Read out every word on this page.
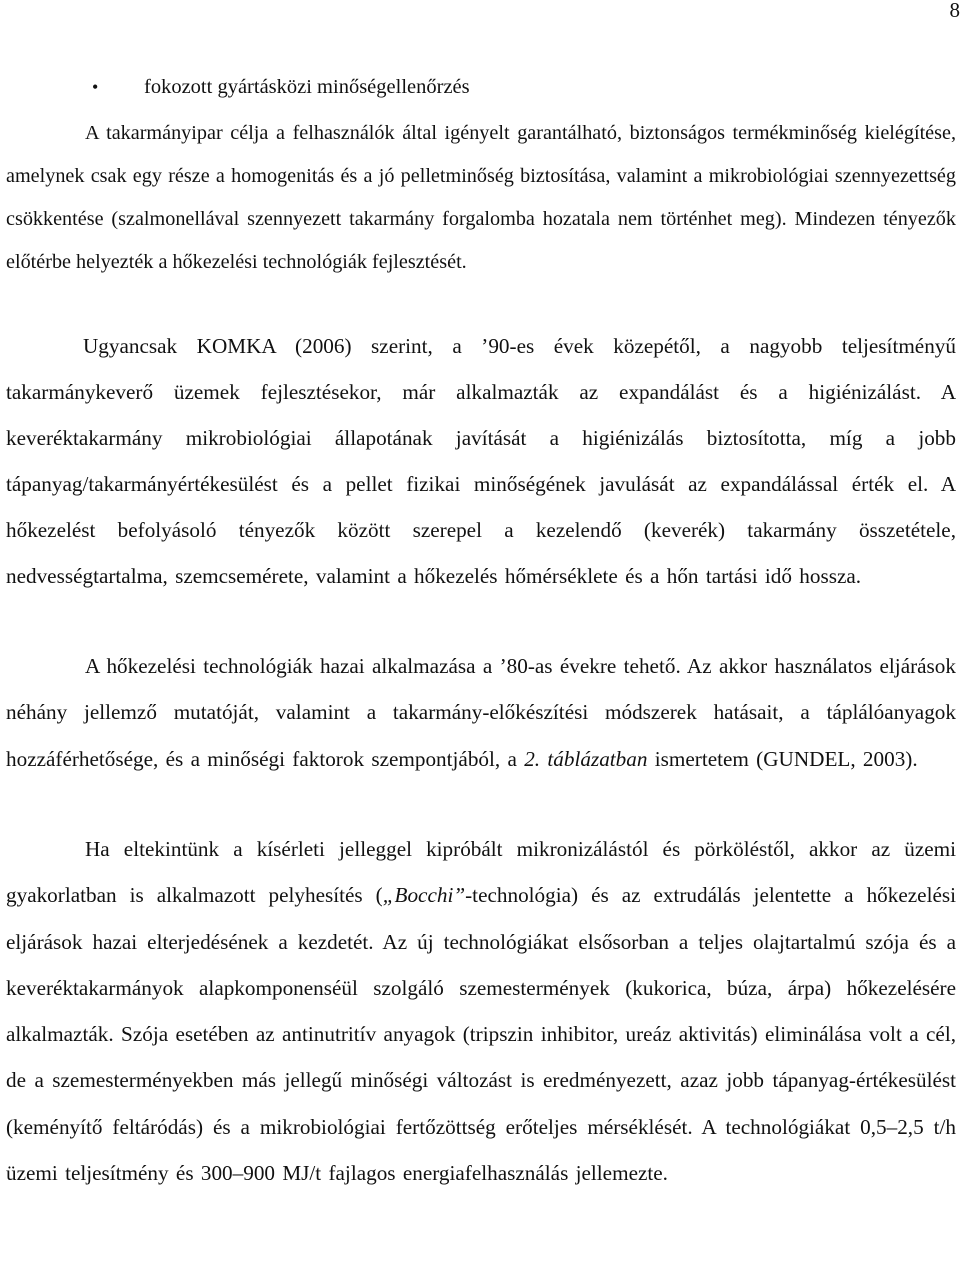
8
•	fokozott gyártásközi minőségellenőrzés

A takarmányipar célja a felhasználók által igényelt garantálható, biztonságos termékminőség kielégítése, amelynek csak egy része a homogenitás és a jó pelletminőség biztosítása, valamint a mikrobiológiai szennyezettség csökkentése (szalmonellával szennyezett takarmány forgalomba hozatala nem történhet meg). Mindezen tényezők előtérbe helyezték a hőkezelési technológiák fejlesztését.

Ugyancsak KOMKA (2006) szerint, a ’90-es évek közepétől, a nagyobb teljesítményű takarmánykeverő üzemek fejlesztésekor, már alkalmazták az expandálást és a higiénizálást. A keveréktakarmány mikrobiológiai állapotának javítását a higiénizálás biztosította, míg a jobb tápanyag/takarmányértékesülést és a pellet fizikai minőségének javulását az expandálással érték el. A hőkezelést befolyásoló tényezők között szerepel a kezelendő (keverék) takarmány összetétele, nedvességtartalma, szemcsemérete, valamint a hőkezelés hőmérséklete és a hőn tartási idő hossza.

A hőkezelési technológiák hazai alkalmazása a ’80-as évekre tehető. Az akkor használatos eljárások néhány jellemző mutatóját, valamint a takarmány-előkészítési módszerek hatásait, a táplálóanyagok hozzáférhetősége, és a minőségi faktorok szempontjából, a 2. táblázatban ismertetem (GUNDEL, 2003).

Ha eltekintünk a kísérleti jelleggel kipróbált mikronizálástól és pörköléstől, akkor az üzemi gyakorlatban is alkalmazott pelyhesítés („Bocchi”-technológia) és az extrudálás jelentette a hőkezelési eljárások hazai elterjedésének a kezdetét. Az új technológiákat elsősorban a teljes olajtartalmú szója és a keveréktakarmányok alapkomponenséül szolgáló szemestermények (kukorica, búza, árpa) hőkezelésére alkalmazták. Szója esetében az antinutritív anyagok (tripszin inhibitor, ureáz aktivitás) eliminálása volt a cél, de a szemesterményekben más jellegű minőségi változást is eredményezett, azaz jobb tápanyag-értékesülést (keményítő feltáródás) és a mikrobiológiai fertőzöttség erőteljes mérséklését. A technológiákat 0,5–2,5 t/h üzemi teljesítmény és 300–900 MJ/t fajlagos energiafelhasználás jellemezte.
